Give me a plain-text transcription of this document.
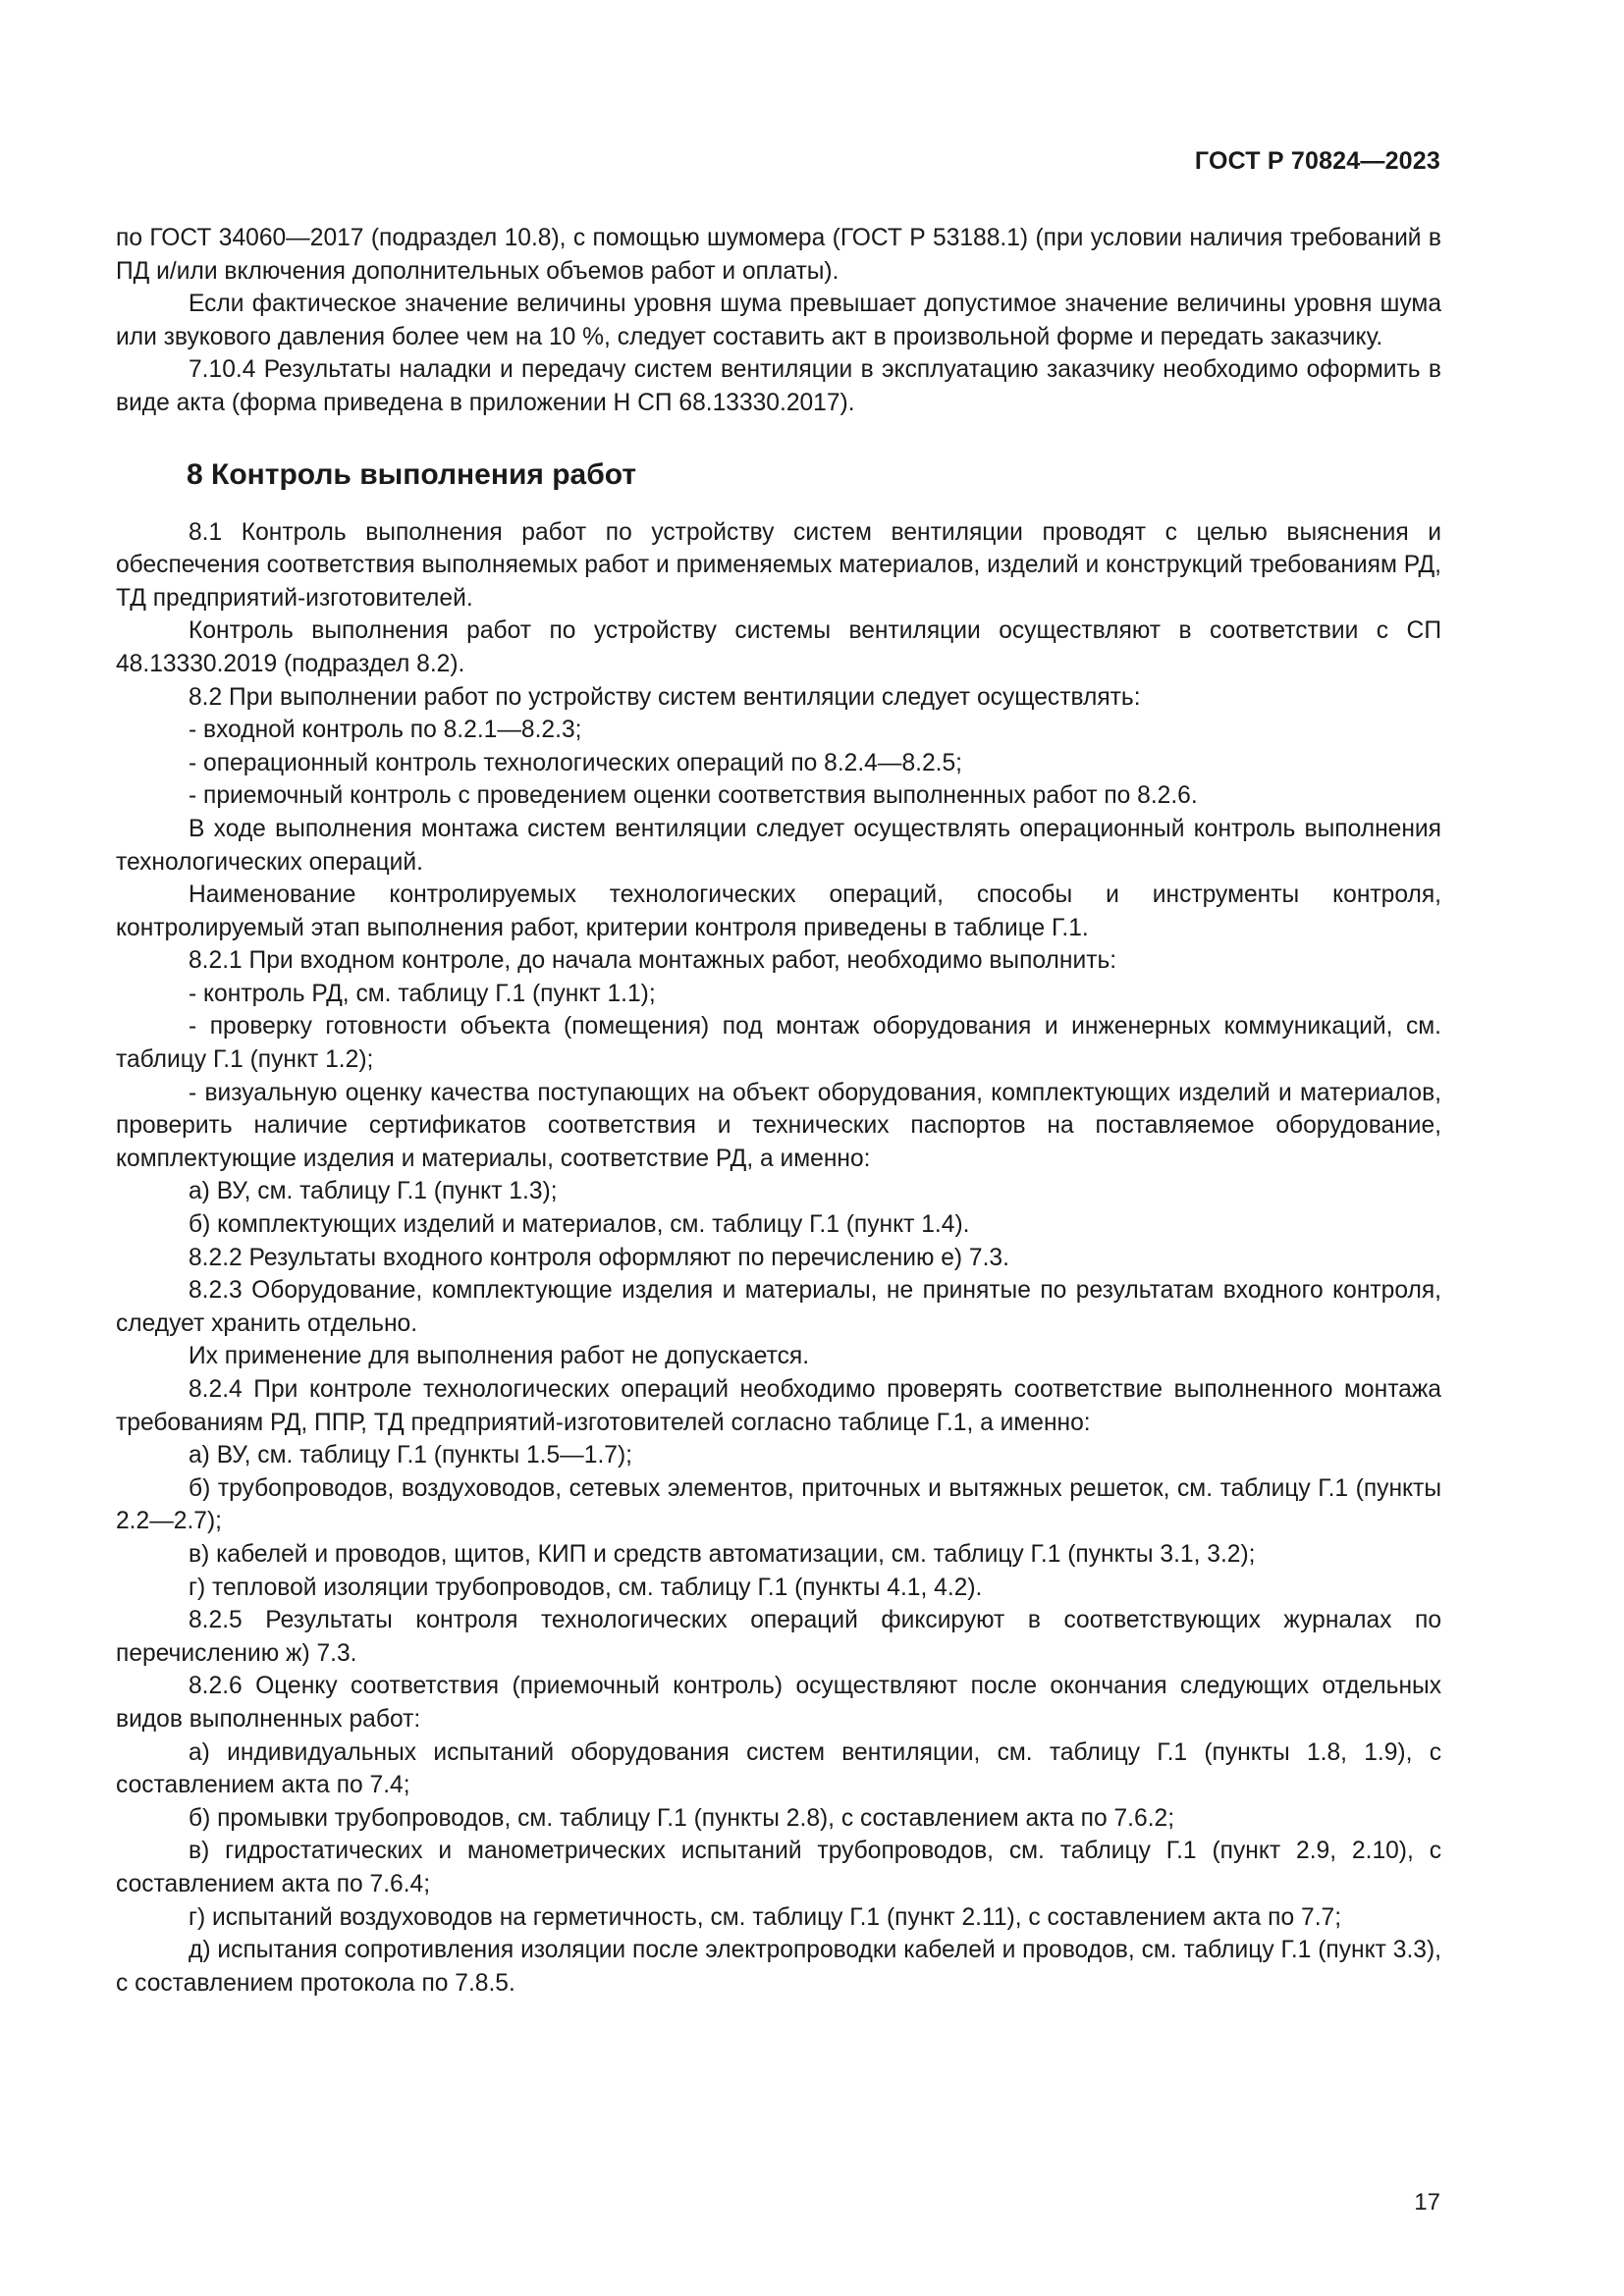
ГОСТ Р 70824—2023

по ГОСТ 34060—2017 (подраздел 10.8), с помощью шумомера (ГОСТ Р 53188.1) (при условии наличия требований в ПД и/или включения дополнительных объемов работ и оплаты).

Если фактическое значение величины уровня шума превышает допустимое значение величины уровня шума или звукового давления более чем на 10 %, следует составить акт в произвольной форме и передать заказчику.

7.10.4 Результаты наладки и передачу систем вентиляции в эксплуатацию заказчику необходимо оформить в виде акта (форма приведена в приложении Н СП 68.13330.2017).

8 Контроль выполнения работ

8.1 Контроль выполнения работ по устройству систем вентиляции проводят с целью выяснения и обеспечения соответствия выполняемых работ и применяемых материалов, изделий и конструкций требованиям РД, ТД предприятий-изготовителей.

Контроль выполнения работ по устройству системы вентиляции осуществляют в соответствии с СП 48.13330.2019 (подраздел 8.2).

8.2 При выполнении работ по устройству систем вентиляции следует осуществлять:

- входной контроль по 8.2.1—8.2.3;

- операционный контроль технологических операций по 8.2.4—8.2.5;

- приемочный контроль с проведением оценки соответствия выполненных работ по 8.2.6.

В ходе выполнения монтажа систем вентиляции следует осуществлять операционный контроль выполнения технологических операций.

Наименование контролируемых технологических операций, способы и инструменты контроля, контролируемый этап выполнения работ, критерии контроля приведены в таблице Г.1.

8.2.1 При входном контроле, до начала монтажных работ, необходимо выполнить:

- контроль РД, см. таблицу Г.1 (пункт 1.1);

- проверку готовности объекта (помещения) под монтаж оборудования и инженерных коммуникаций, см. таблицу Г.1 (пункт 1.2);

- визуальную оценку качества поступающих на объект оборудования, комплектующих изделий и материалов, проверить наличие сертификатов соответствия и технических паспортов на поставляемое оборудование, комплектующие изделия и материалы, соответствие РД, а именно:

а) ВУ, см. таблицу Г.1 (пункт 1.3);

б) комплектующих изделий и материалов, см. таблицу Г.1 (пункт 1.4).

8.2.2 Результаты входного контроля оформляют по перечислению е) 7.3.

8.2.3 Оборудование, комплектующие изделия и материалы, не принятые по результатам входного контроля, следует хранить отдельно.

Их применение для выполнения работ не допускается.

8.2.4 При контроле технологических операций необходимо проверять соответствие выполненного монтажа требованиям РД, ППР, ТД предприятий-изготовителей согласно таблице Г.1, а именно:

а) ВУ, см. таблицу Г.1 (пункты 1.5—1.7);

б) трубопроводов, воздуховодов, сетевых элементов, приточных и вытяжных решеток, см. таблицу Г.1 (пункты 2.2—2.7);

в) кабелей и проводов, щитов, КИП и средств автоматизации, см. таблицу Г.1 (пункты 3.1, 3.2);

г) тепловой изоляции трубопроводов, см. таблицу Г.1 (пункты 4.1, 4.2).

8.2.5 Результаты контроля технологических операций фиксируют в соответствующих журналах по перечислению ж) 7.3.

8.2.6 Оценку соответствия (приемочный контроль) осуществляют после окончания следующих отдельных видов выполненных работ:

а) индивидуальных испытаний оборудования систем вентиляции, см. таблицу Г.1 (пункты 1.8, 1.9), с составлением акта по 7.4;

б) промывки трубопроводов, см. таблицу Г.1 (пункты 2.8), с составлением акта по 7.6.2;

в) гидростатических и манометрических испытаний трубопроводов, см. таблицу Г.1 (пункт 2.9, 2.10), с составлением акта по 7.6.4;

г) испытаний воздуховодов на герметичность, см. таблицу Г.1 (пункт 2.11), с составлением акта по 7.7;

д) испытания сопротивления изоляции после электропроводки кабелей и проводов, см. таблицу Г.1 (пункт 3.3), с составлением протокола по 7.8.5.

17
